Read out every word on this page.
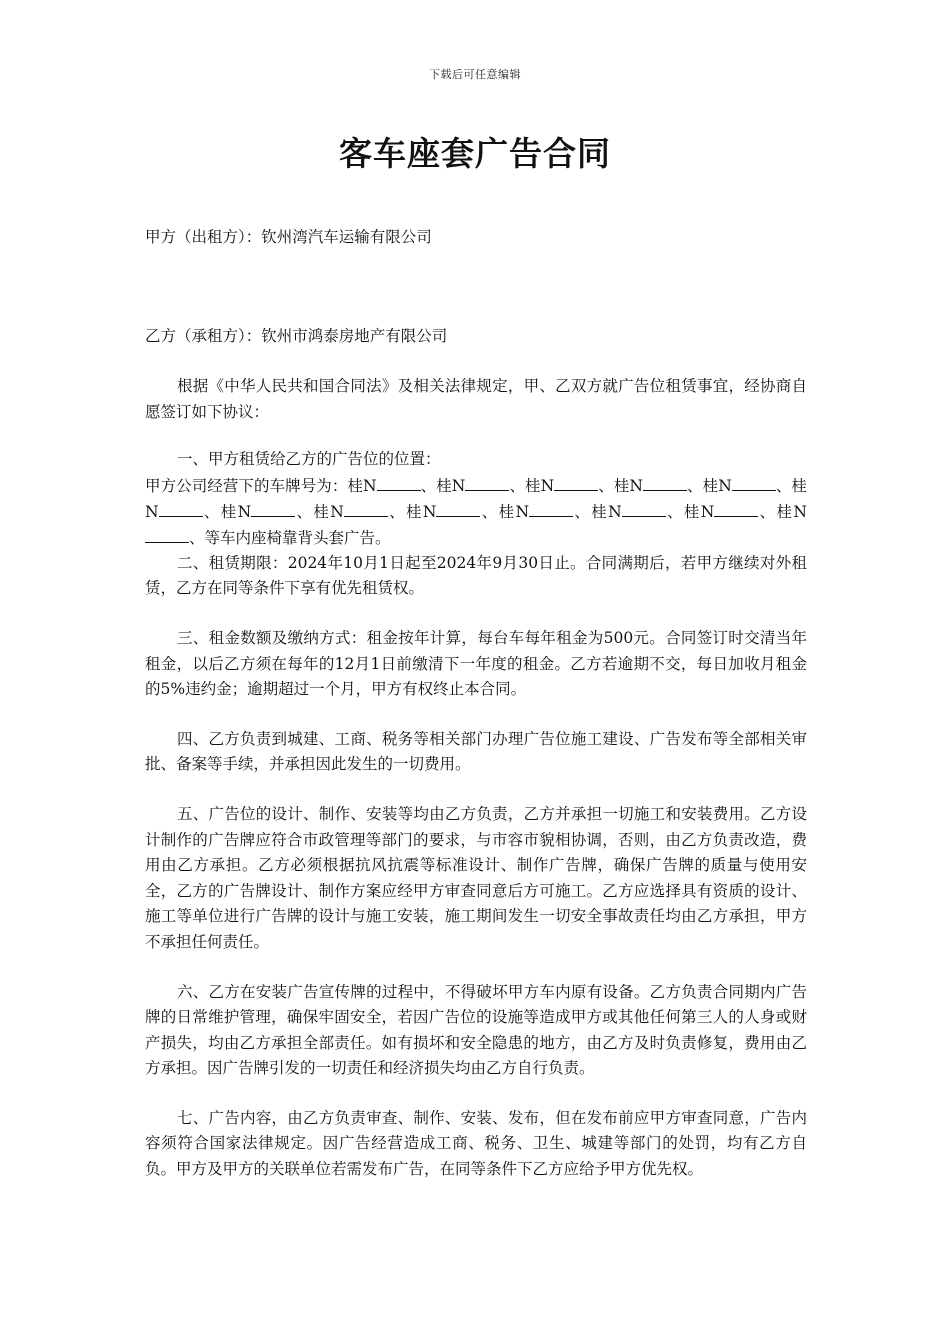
下载后可任意编辑
客车座套广告合同
甲方（出租方）：钦州湾汽车运输有限公司
乙方（承租方）：钦州市鸿泰房地产有限公司

根据《中华人民共和国合同法》及相关法律规定，甲、乙双方就广告位租赁事宜，经协商自愿签订如下协议：

一、甲方租赁给乙方的广告位的位置：

甲方公司经营下的车牌号为：桂N	、桂N	、桂N	、桂N	、桂N	、桂N	、桂N	、桂N	、桂N	、桂N	、桂N	、桂N	、桂N、等车内座椅靠背头套广告。

二、租赁期限：2024年10月1日起至2024年9月30日止。合同满期后，若甲方继续对外租赁，乙方在同等条件下享有优先租赁权。

三、租金数额及缴纳方式：租金按年计算，每台车每年租金为500元。合同签订时交清当年租金，以后乙方须在每年的12月1日前缴清下一年度的租金。乙方若逾期不交，每日加收月租金的5%违约金；逾期超过一个月，甲方有权终止本合同。

四、乙方负责到城建、工商、税务等相关部门办理广告位施工建设、广告发布等全部相关审批、备案等手续，并承担因此发生的一切费用。

五、广告位的设计、制作、安装等均由乙方负责，乙方并承担一切施工和安装费用。乙方设计制作的广告牌应符合市政管理等部门的要求，与市容市貌相协调，否则，由乙方负责改造，费用由乙方承担。乙方必须根据抗风抗震等标准设计、制作广告牌，确保广告牌的质量与使用安全，乙方的广告牌设计、制作方案应经甲方审查同意后方可施工。乙方应选择具有资质的设计、施工等单位进行广告牌的设计与施工安装，施工期间发生一切安全事故责任均由乙方承担，甲方不承担任何责任。

六、乙方在安装广告宣传牌的过程中，不得破坏甲方车内原有设备。乙方负责合同期内广告牌的日常维护管理，确保牢固安全，若因广告位的设施等造成甲方或其他任何第三人的人身或财产损失，均由乙方承担全部责任。如有损坏和安全隐患的地方，由乙方及时负责修复，费用由乙方承担。因广告牌引发的一切责任和经济损失均由乙方自行负责。

七、广告内容，由乙方负责审查、制作、安装、发布，但在发布前应甲方审查同意，广告内容须符合国家法律规定。因广告经营造成工商、税务、卫生、城建等部门的处罚，均有乙方自负。甲方及甲方的关联单位若需发布广告，在同等条件下乙方应给予甲方优先权。
